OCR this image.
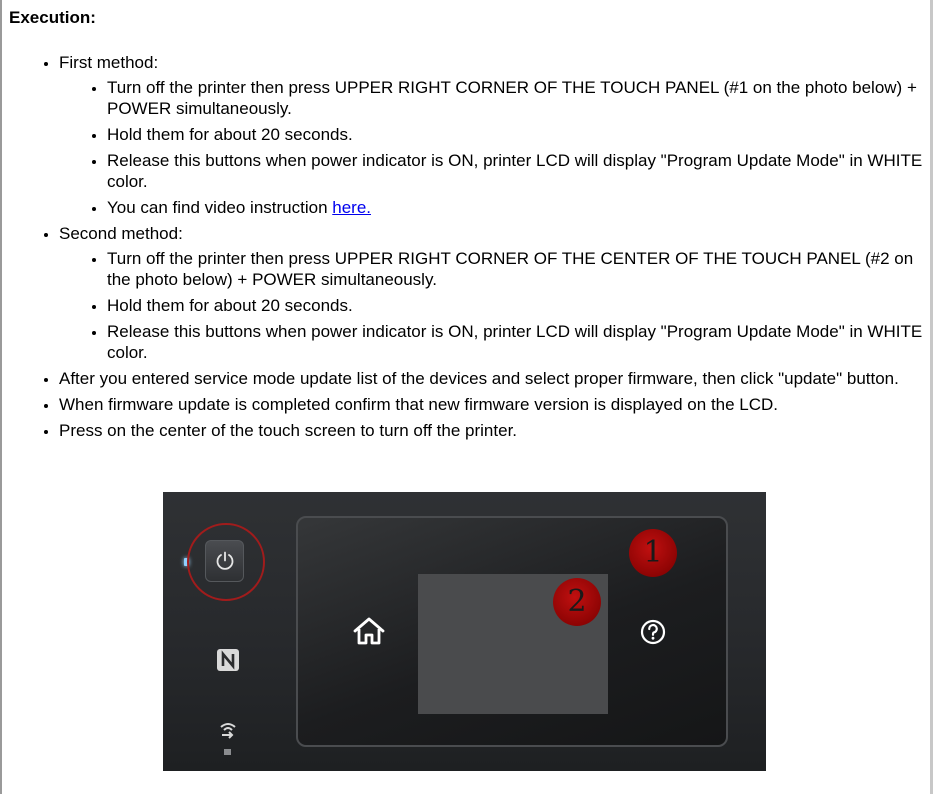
Execution:
• First method:
• Turn off the printer then press UPPER RIGHT CORNER OF THE TOUCH PANEL (#1 on the photo below) + POWER simultaneously.
• Hold them for about 20 seconds.
• Release this buttons when power indicator is ON, printer LCD will display "Program Update Mode" in WHITE color.
• You can find video instruction here.
• Second method:
• Turn off the printer then press UPPER RIGHT CORNER OF THE CENTER OF THE TOUCH PANEL (#2 on the photo below) + POWER simultaneously.
• Hold them for about 20 seconds.
• Release this buttons when power indicator is ON, printer LCD will display "Program Update Mode" in WHITE color.
• After you entered service mode update list of the devices and select proper firmware, then click "update" button.
• When firmware update is completed confirm that new firmware version is displayed on the LCD.
• Press on the center of the touch screen to turn off the printer.
1
2
